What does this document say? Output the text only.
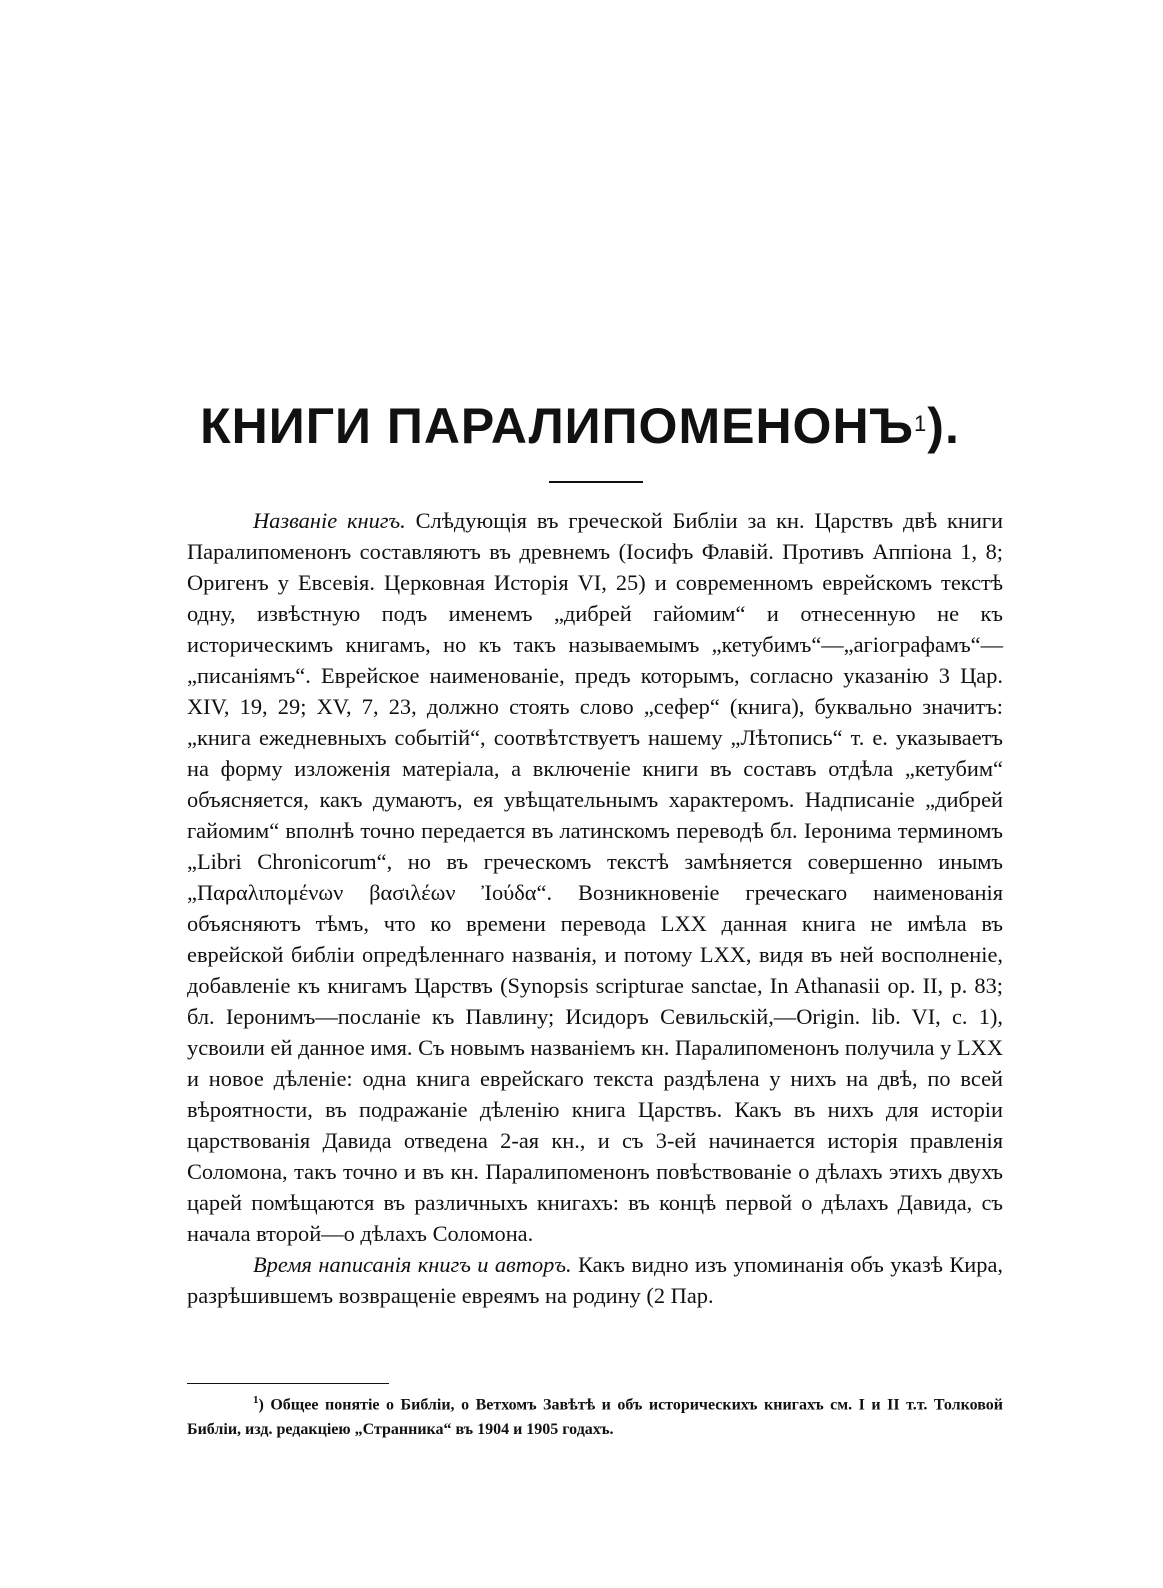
КНИГИ ПАРАЛИПОМЕНОНЪ$^1$).

Названіе книгъ. Слѣдующія въ греческой Библіи за кн. Царствъ двѣ книги Паралипоменонъ составляютъ въ древнемъ (Іосифъ Флавій. Противъ Аппіона 1, 8; Оригенъ у Евсевія. Церковная Исторія VI, 25) и современномъ еврейскомъ текстѣ одну, извѣстную подъ именемъ „дибрей гайомим“ и отнесенную не къ историческимъ книгамъ, но къ такъ называемымъ „кетубимъ“—„агіографамъ“—„писаніямъ“. Еврейское наименованіе, предъ которымъ, согласно указанію 3 Цар. XIV, 19, 29; XV, 7, 23, должно стоять слово „сефер“ (книга), буквально значитъ: „книга ежедневныхъ событій“, соотвѣтствуетъ нашему „Лѣтопись“ т. е. указываетъ на форму изложенія матеріала, а включеніе книги въ составъ отдѣла „кетубим“ объясняется, какъ думаютъ, ея увѣщательнымъ характеромъ. Надписаніе „дибрей гайомим“ вполнѣ точно передается въ латинскомъ переводѣ бл. Іеронима терминомъ „Libri Chronicorum“, но въ греческомъ текстѣ замѣняется совершенно инымъ „Παραλιπομένων βασιλέων Ἰούδα“. Возникновеніе греческаго наименованія объясняютъ тѣмъ, что ко времени перевода LXX данная книга не имѣла въ еврейской библіи опредѣленнаго названія, и потому LXX, видя въ ней восполненіе, добавленіе къ книгамъ Царствъ (Synopsis scripturae sanctae, In Athanasii op. II, p. 83; бл. Іеронимъ—посланіе къ Павлину; Исидоръ Севильскій,—Origin. lib. VI, c. 1), усвоили ей данное имя. Съ новымъ названіемъ кн. Паралипоменонъ получила у LXX и новое дѣленіе: одна книга еврейскаго текста раздѣлена у нихъ на двѣ, по всей вѣроятности, въ подражаніе дѣленію книга Царствъ. Какъ въ нихъ для исторіи царствованія Давида отведена 2-ая кн., и съ 3-ей начинается исторія правленія Соломона, такъ точно и въ кн. Паралипоменонъ повѣствованіе о дѣлахъ этихъ двухъ царей помѣщаются въ различныхъ книгахъ: въ концѣ первой о дѣлахъ Давида, съ начала второй—о дѣлахъ Соломона.

Время написанія книгъ и авторъ. Какъ видно изъ упоминанія объ указѣ Кира, разрѣшившемъ возвращеніе евреямъ на родину (2 Пар.

$^1$) Общее понятіе о Библіи, о Ветхомъ Завѣтѣ и объ историческихъ книгахъ см. I и II т.т. Толковой Библіи, изд. редакціею „Странника“ въ 1904 и 1905 годахъ.
